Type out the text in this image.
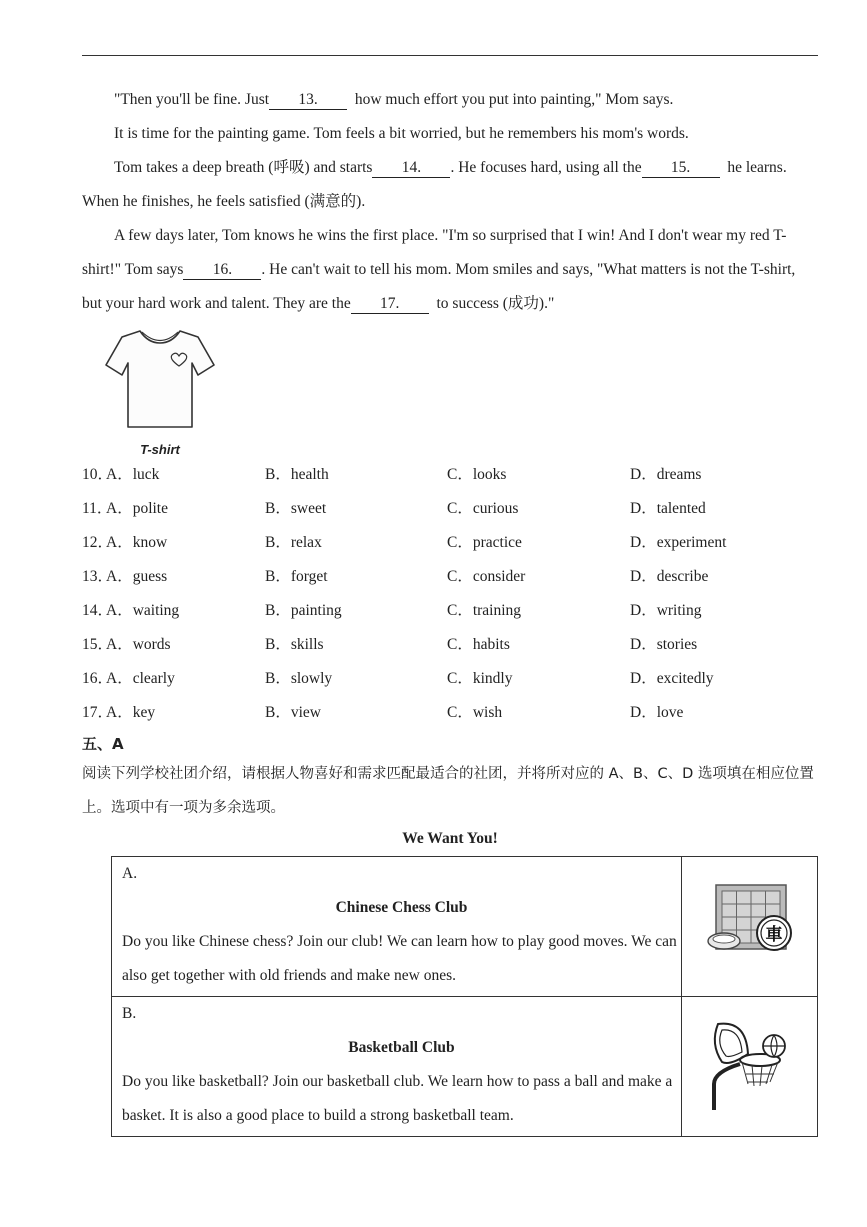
"Then you'll be fine. Just 13. how much effort you put into painting," Mom says.

It is time for the painting game. Tom feels a bit worried, but he remembers his mom's words.

Tom takes a deep breath (呼吸) and starts 14. . He focuses hard, using all the 15. he learns. When he finishes, he feels satisfied (满意的).

A few days later, Tom knows he wins the first place. "I'm so surprised that I win! And I don't wear my red T-shirt!" Tom says 16. . He can't wait to tell his mom. Mom smiles and says, "What matters is not the T-shirt, but your hard work and talent. They are the 17. to success (成功)."

T-shirt
10．
A．luck	B．health	C．looks	D．dreams
11．
A．polite	B．sweet	C．curious	D．talented
12．
A．know	B．relax	C．practice	D．experiment
13．
A．guess	B．forget	C．consider	D．describe
14．
A．waiting	B．painting	C．training	D．writing
15．
A．words	B．skills	C．habits	D．stories
16．
A．clearly	B．slowly	C．kindly	D．excitedly
17．
A．key	B．view	C．wish	D．love
五、A
阅读下列学校社团介绍，请根据人物喜好和需求匹配最适合的社团，并将所对应的 A、B、C、D 选项填在相应位置上。选项中有一项为多余选项。
We Want You!
A.
Chinese Chess Club
Do you like Chinese chess? Join our club! We can learn how to play good moves. We can also get together with old friends and make new ones.	車

B.
Basketball Club
Do you like basketball? Join our basketball club. We learn how to pass a ball and make a basket. It is also a good place to build a strong basketball team.
